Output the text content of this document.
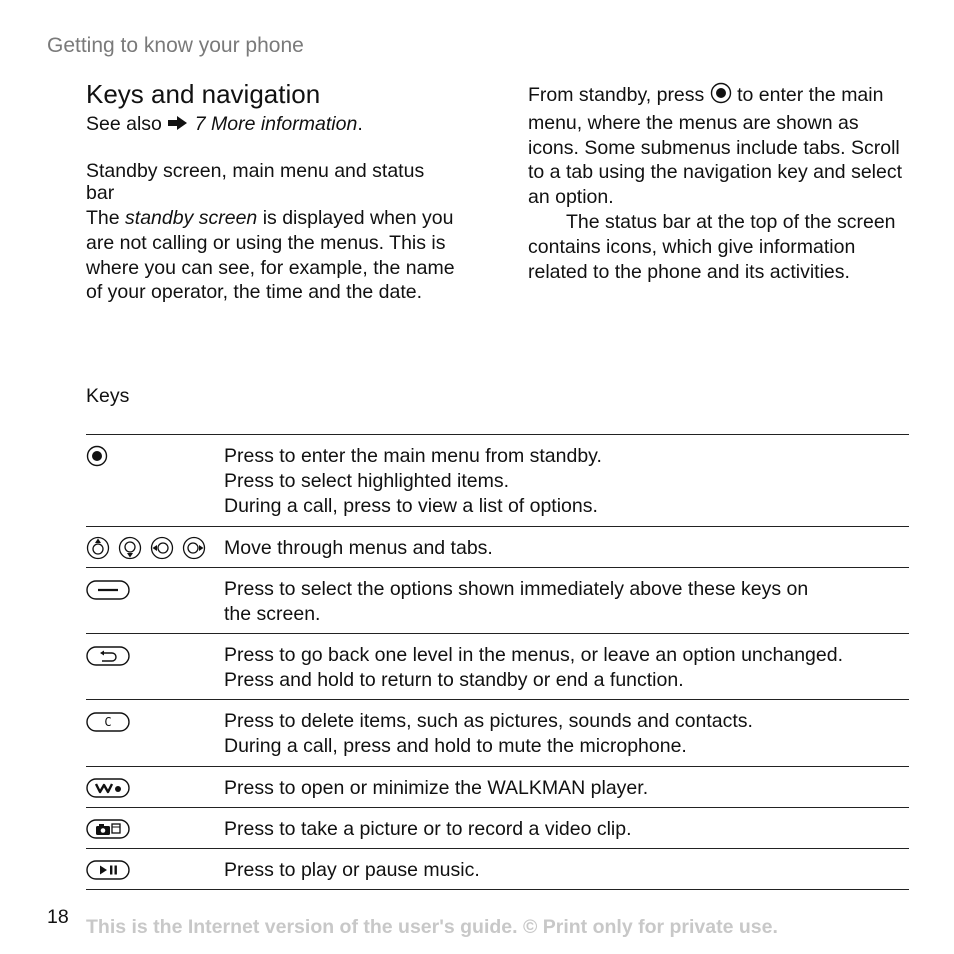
Getting to know your phone
Keys and navigation
See also 7 More information.
Standby screen, main menu and status bar
The standby screen is displayed when you are not calling or using the menus. This is where you can see, for example, the name of your operator, the time and the date.
From standby, press  to enter the main menu, where the menus are shown as icons. Some submenus include tabs. Scroll to a tab using the navigation key and select an option.
The status bar at the top of the screen contains icons, which give information related to the phone and its activities.
Keys
Press to enter the main menu from standby.
Press to select highlighted items.
During a call, press to view a list of options.
Move through menus and tabs.
Press to select the options shown immediately above these keys on
the screen.
Press to go back one level in the menus, or leave an option unchanged.
Press and hold to return to standby or end a function.
C	Press to delete items, such as pictures, sounds and contacts.
During a call, press and hold to mute the microphone.
Press to open or minimize the WALKMAN player.
Press to take a picture or to record a video clip.
Press to play or pause music.
18 This is the Internet version of the user's guide. © Print only for private use.
